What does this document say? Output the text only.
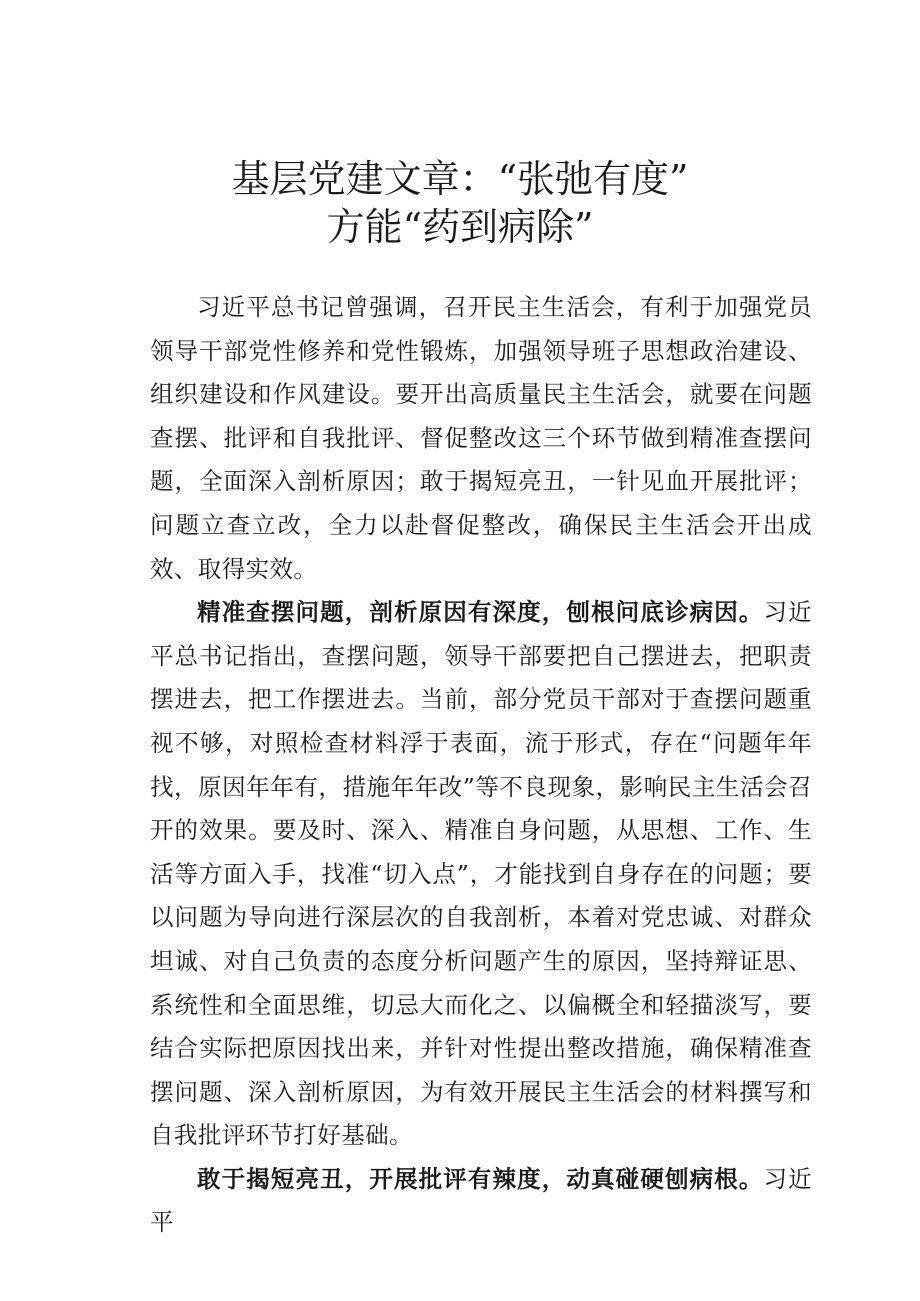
基层党建文章：“张弛有度”
方能“药到病除”

习近平总书记曾强调，召开民主生活会，有利于加强党员领导干部党性修养和党性锻炼，加强领导班子思想政治建设、组织建设和作风建设。要开出高质量民主生活会，就要在问题查摆、批评和自我批评、督促整改这三个环节做到精准查摆问题，全面深入剖析原因；敢于揭短亮丑，一针见血开展批评；问题立查立改，全力以赴督促整改，确保民主生活会开出成效、取得实效。

精准查摆问题，剖析原因有深度，刨根问底诊病因。习近平总书记指出，查摆问题，领导干部要把自己摆进去，把职责摆进去，把工作摆进去。当前，部分党员干部对于查摆问题重视不够，对照检查材料浮于表面，流于形式，存在“问题年年找，原因年年有，措施年年改”等不良现象，影响民主生活会召开的效果。要及时、深入、精准自身问题，从思想、工作、生活等方面入手，找准“切入点”，才能找到自身存在的问题；要以问题为导向进行深层次的自我剖析，本着对党忠诚、对群众坦诚、对自己负责的态度分析问题产生的原因，坚持辩证思、系统性和全面思维，切忌大而化之、以偏概全和轻描淡写，要结合实际把原因找出来，并针对性提出整改措施，确保精准查摆问题、深入剖析原因，为有效开展民主生活会的材料撰写和自我批评环节打好基础。

敢于揭短亮丑，开展批评有辣度，动真碰硬刨病根。习近平
